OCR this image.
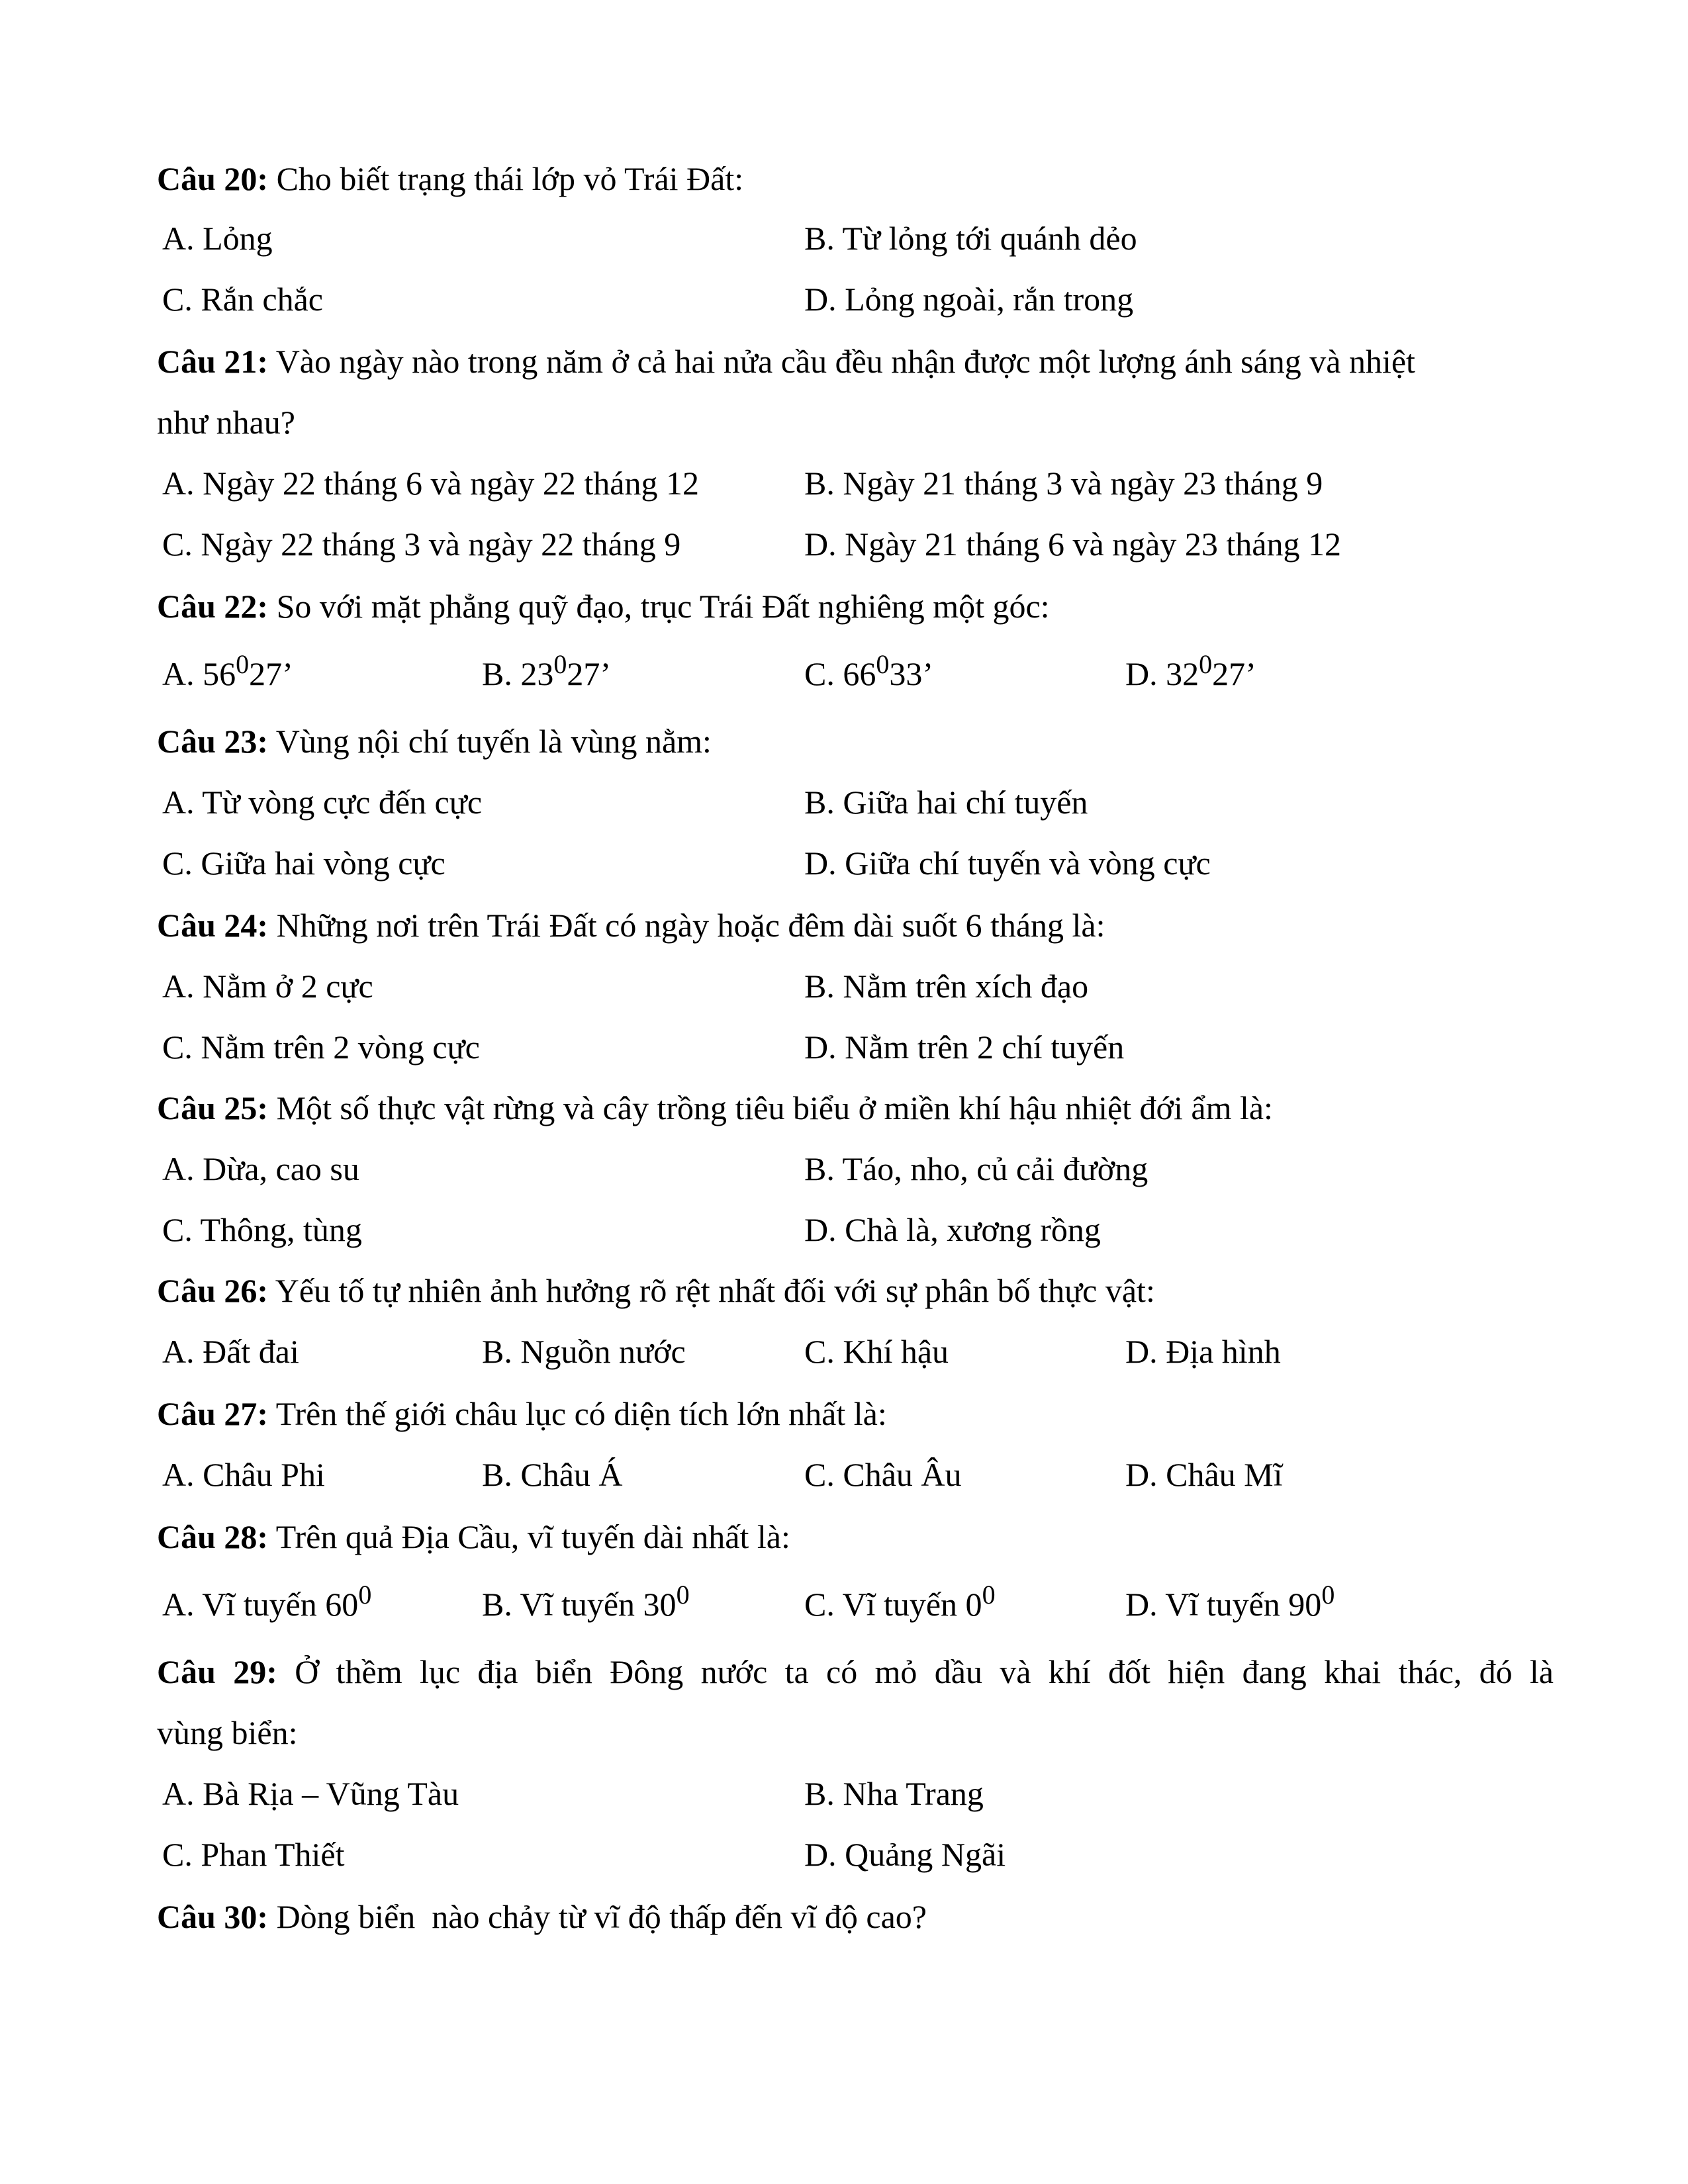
Câu 20: Cho biết trạng thái lớp vỏ Trái Đất:
A. Lỏng	B. Từ lỏng tới quánh dẻo
C. Rắn chắc	D. Lỏng ngoài, rắn trong
Câu 21: Vào ngày nào trong năm ở cả hai nửa cầu đều nhận được một lượng ánh sáng và nhiệt
như nhau?
A. Ngày 22 tháng 6 và ngày 22 tháng 12	B. Ngày 21 tháng 3 và ngày 23 tháng 9
C. Ngày 22 tháng 3 và ngày 22 tháng 9	D. Ngày 21 tháng 6 và ngày 23 tháng 12
Câu 22: So với mặt phẳng quỹ đạo, trục Trái Đất nghiêng một góc:
A. $56^027$’	B. $23^027$’	C. $66^033$’	D. $32^027$’
Câu 23: Vùng nội chí tuyến là vùng nằm:
A. Từ vòng cực đến cực	B. Giữa hai chí tuyến
C. Giữa hai vòng cực	D. Giữa chí tuyến và vòng cực
Câu 24: Những nơi trên Trái Đất có ngày hoặc đêm dài suốt 6 tháng là:
A. Nằm ở 2 cực	B. Nằm trên xích đạo
C. Nằm trên 2 vòng cực	D. Nằm trên 2 chí tuyến
Câu 25: Một số thực vật rừng và cây trồng tiêu biểu ở miền khí hậu nhiệt đới ẩm là:
A. Dừa, cao su	B. Táo, nho, củ cải đường
C. Thông, tùng	D. Chà là, xương rồng
Câu 26: Yếu tố tự nhiên ảnh hưởng rõ rệt nhất đối với sự phân bố thực vật:
A. Đất đai	B. Nguồn nước	C. Khí hậu	D. Địa hình
Câu 27: Trên thế giới châu lục có diện tích lớn nhất là:
A. Châu Phi	B. Châu Á	C. Châu Âu	D. Châu Mĩ
Câu 28: Trên quả Địa Cầu, vĩ tuyến dài nhất là:
A. Vĩ tuyến $60^0$	B. Vĩ tuyến $30^0$	C. Vĩ tuyến $0^0$	D. Vĩ tuyến $90^0$
Câu 29: Ở thềm lục địa biển Đông nước ta có mỏ dầu và khí đốt hiện đang khai thác, đó là
vùng biển:
A. Bà Rịa – Vũng Tàu	B. Nha Trang
C. Phan Thiết	D. Quảng Ngãi
Câu 30: Dòng biển  nào chảy từ vĩ độ thấp đến vĩ độ cao?
